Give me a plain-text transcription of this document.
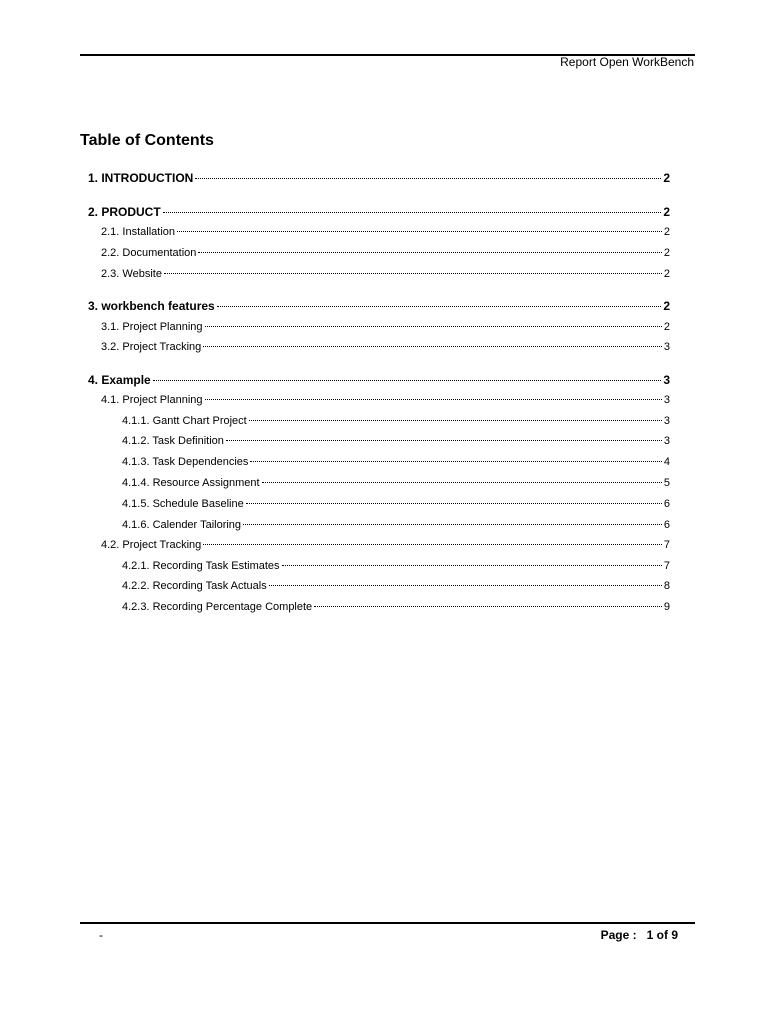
Report Open WorkBench
Table of Contents
1. INTRODUCTION	2
2. PRODUCT	2
2.1. Installation	2
2.2. Documentation	2
2.3. Website	2
3. workbench features	2
3.1. Project Planning	2
3.2. Project Tracking	3
4. Example	3
4.1. Project Planning	3
4.1.1. Gantt Chart Project	3
4.1.2. Task Definition	3
4.1.3. Task Dependencies	4
4.1.4. Resource Assignment	5
4.1.5. Schedule Baseline	6
4.1.6. Calender Tailoring	6
4.2. Project Tracking	7
4.2.1. Recording Task Estimates	7
4.2.2. Recording Task Actuals	8
4.2.3. Recording Percentage Complete	9
-	Page : 1 of 9
